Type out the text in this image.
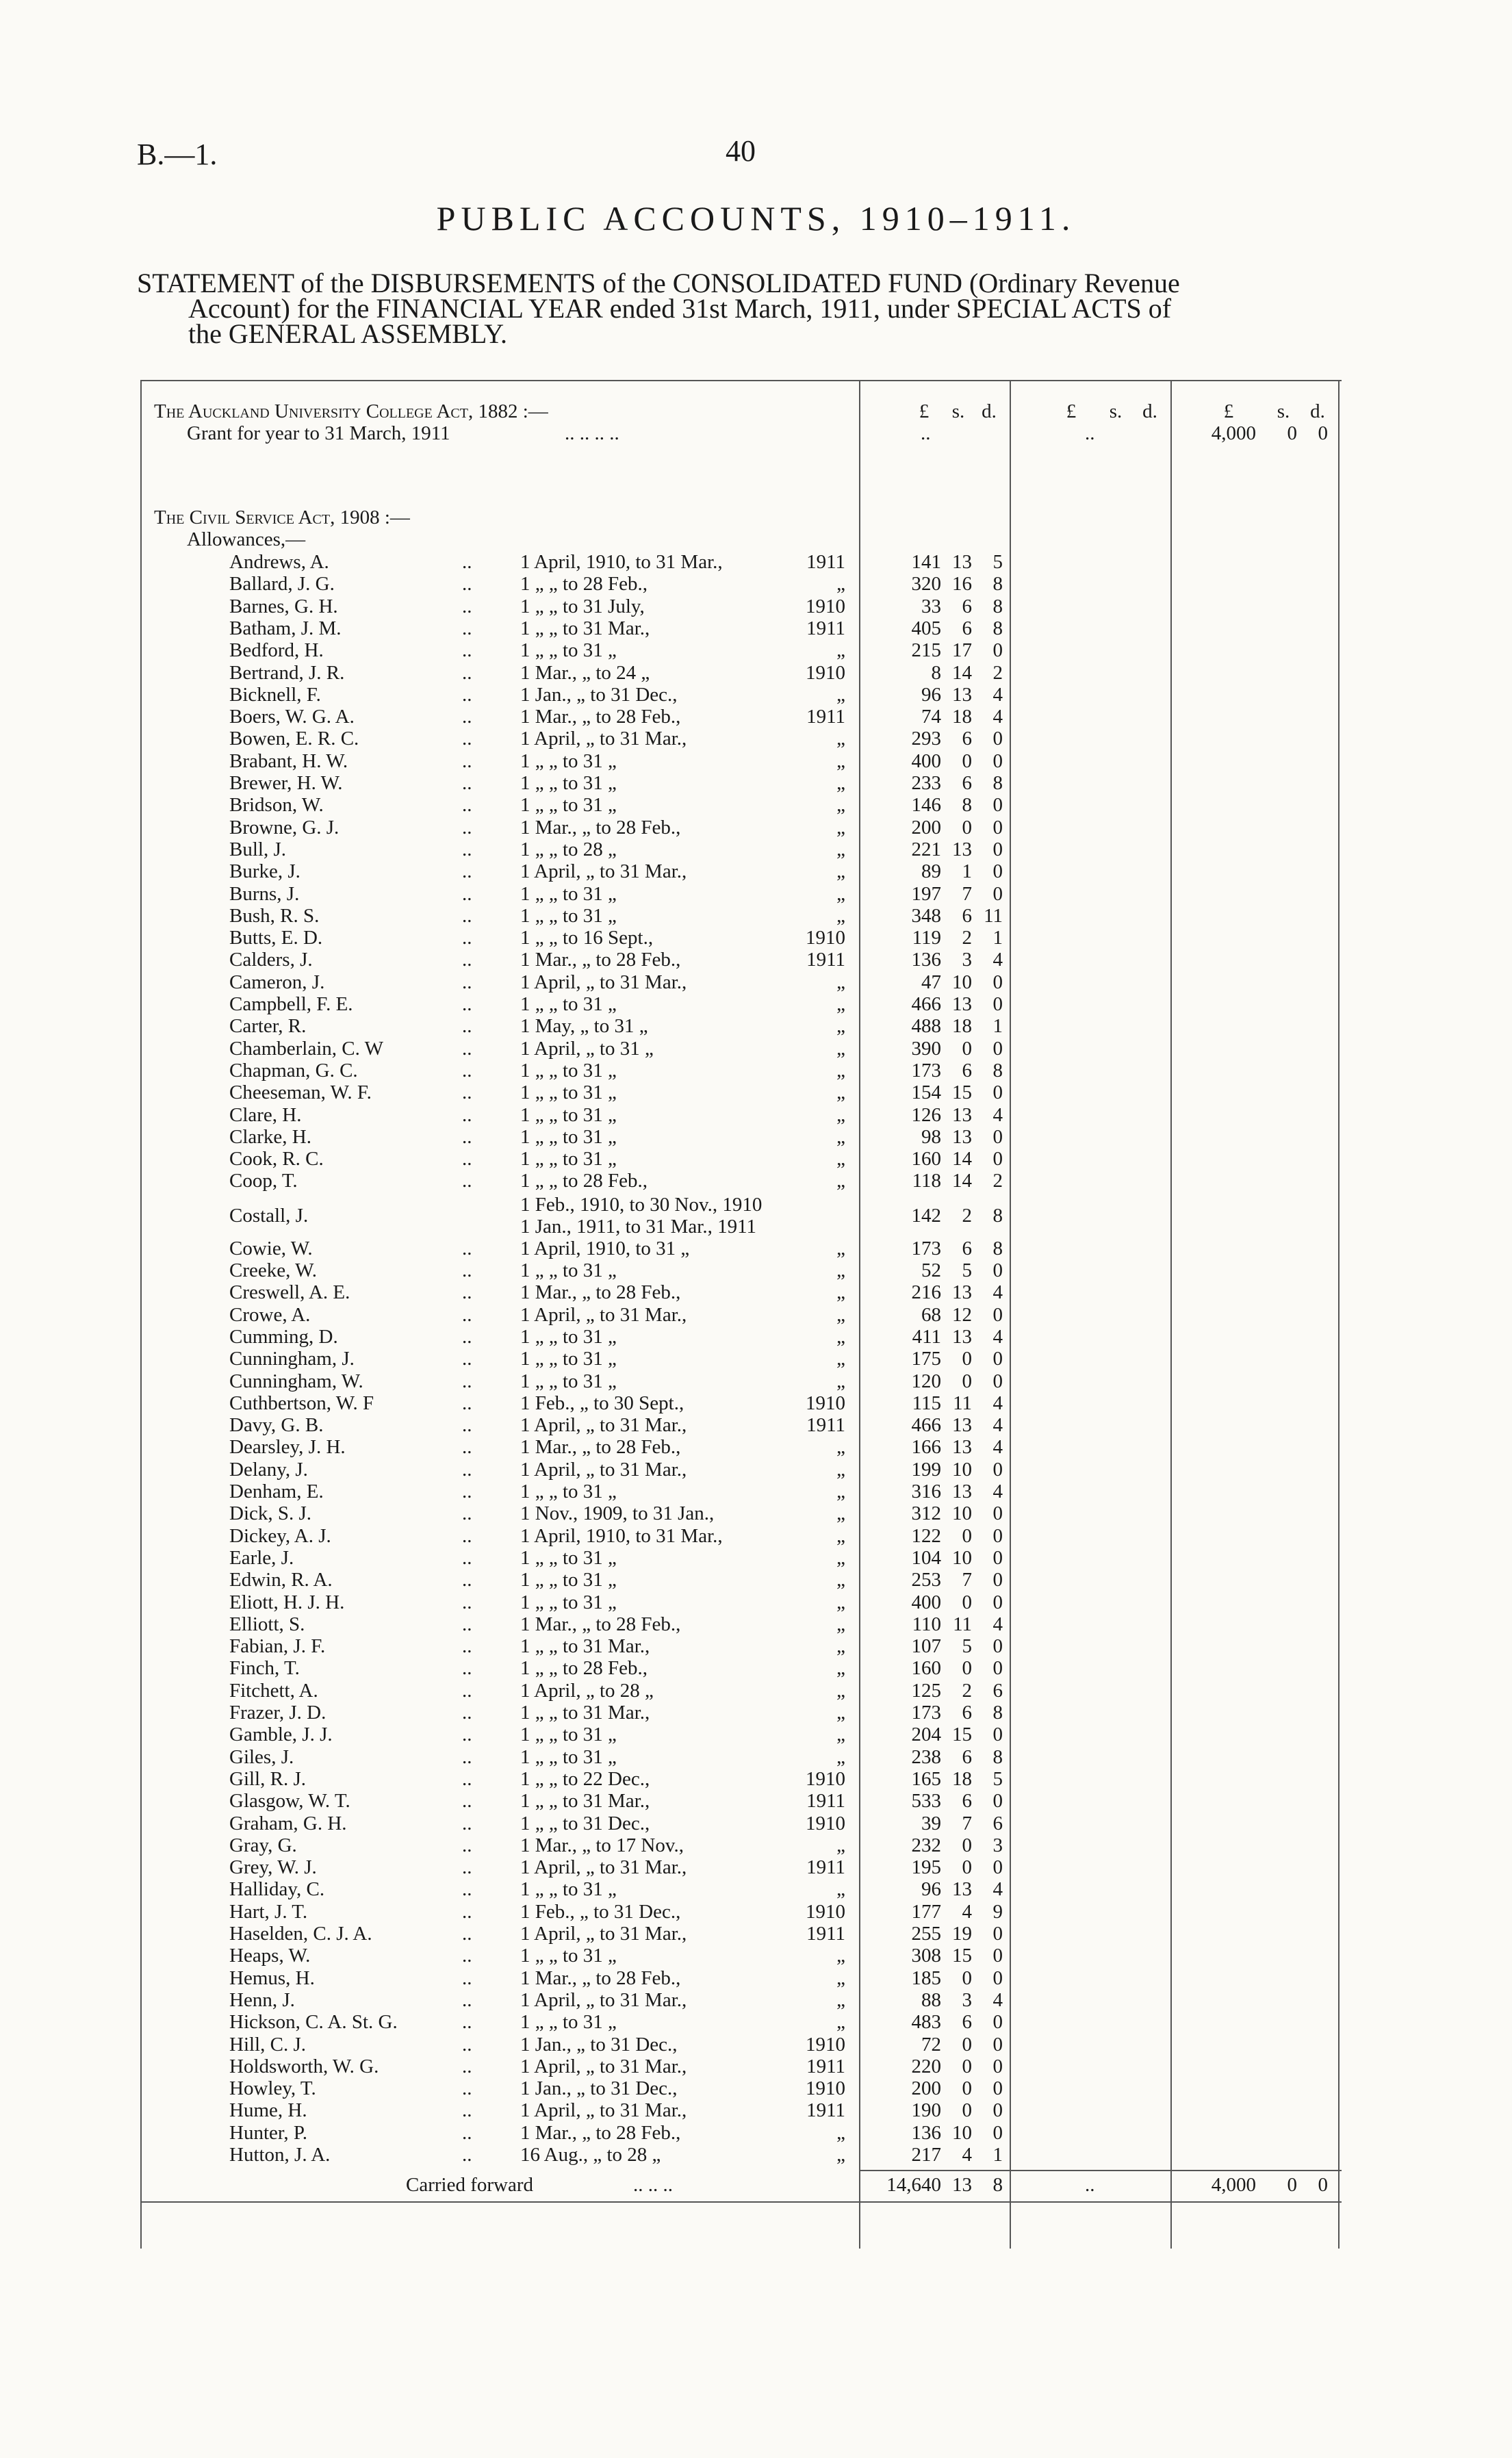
B.—1.	40
PUBLIC ACCOUNTS, 1910–1911.
STATEMENT of the DISBURSEMENTS of the CONSOLIDATED FUND (Ordinary Revenue
Account) for the FINANCIAL YEAR ended 31st March, 1911, under SPECIAL ACTS of
the GENERAL ASSEMBLY.
£	s. d.	£	s.	d.	£	s.	d.
The Auckland University College Act, 1882 :—
Grant for year to 31 March, 1911	.. .. .. ..	..	..	4,000	0	0
The Civil Service Act, 1908 :—
Allowances,—
Andrews, A.	.. 1 April, 1910, to 31 Mar.,	1911	141 13	5
Ballard, J. G.	.. 1 „ „ to 28 Feb.,	„	320 16	8
Barnes, G. H.	.. 1 „ „ to 31 July,	1910	33	6	8
Batham, J. M.	.. 1 „ „ to 31 Mar.,	1911	405	6	8
Bedford, H.	.. 1 „ „ to 31 „	„	215 17	0
Bertrand, J. R.	.. 1 Mar., „ to 24 „	1910	8 14	2
Bicknell, F.	.. 1 Jan., „ to 31 Dec.,	„	96 13	4
Boers, W. G. A.	.. 1 Mar., „ to 28 Feb.,	1911	74 18	4
Bowen, E. R. C.	.. 1 April, „ to 31 Mar.,	„	293	6	0
Brabant, H. W.	.. 1 „ „ to 31 „	„	400	0	0
Brewer, H. W.	.. 1 „ „ to 31 „	„	233	6	8
Bridson, W.	.. 1 „ „ to 31 „	„	146	8	0
Browne, G. J.	.. 1 Mar., „ to 28 Feb.,	„	200	0	0
Bull, J.	.. 1 „ „ to 28 „	„	221 13	0
Burke, J.	.. 1 April, „ to 31 Mar.,	„	89	1	0
Burns, J.	.. 1 „ „ to 31 „	„	197	7	0
Bush, R. S.	.. 1 „ „ to 31 „	„	348	6 11
Butts, E. D.	.. 1 „ „ to 16 Sept.,	1910	119	2	1
Calders, J.	.. 1 Mar., „ to 28 Feb.,	1911	136	3	4
Cameron, J.	.. 1 April, „ to 31 Mar.,	„	47 10	0
Campbell, F. E.	.. 1 „ „ to 31 „	„	466 13	0
Carter, R.	.. 1 May, „ to 31 „	„	488 18	1
Chamberlain, C. W	.. 1 April, „ to 31 „	„	390	0	0
Chapman, G. C.	.. 1 „ „ to 31 „	„	173	6	8
Cheeseman, W. F.	.. 1 „ „ to 31 „	„	154 15	0
Clare, H.	.. 1 „ „ to 31 „	„	126 13	4
Clarke, H.	.. 1 „ „ to 31 „	„	98 13	0
Cook, R. C.	.. 1 „ „ to 31 „	„	160 14	0
Coop, T.	.. 1 „ „ to 28 Feb.,	„	118 14	2
Costall, J.	1 Feb., 1910, to 30 Nov., 1910
1 Jan., 1911, to 31 Mar., 1911	142	2	8
Cowie, W.	.. 1 April, 1910, to 31 „	„	173	6	8
Creeke, W.	.. 1 „ „ to 31 „	„	52	5	0
Creswell, A. E.	.. 1 Mar., „ to 28 Feb.,	„	216 13	4
Crowe, A.	.. 1 April, „ to 31 Mar.,	„	68 12	0
Cumming, D.	.. 1 „ „ to 31 „	„	411 13	4
Cunningham, J.	.. 1 „ „ to 31 „	„	175	0	0
Cunningham, W.	.. 1 „ „ to 31 „	„	120	0	0
Cuthbertson, W. F	.. 1 Feb., „ to 30 Sept.,	1910	115 11	4
Davy, G. B.	.. 1 April, „ to 31 Mar.,	1911	466 13	4
Dearsley, J. H.	.. 1 Mar., „ to 28 Feb.,	„	166 13	4
Delany, J.	.. 1 April, „ to 31 Mar.,	„	199 10	0
Denham, E.	.. 1 „ „ to 31 „	„	316 13	4
Dick, S. J.	.. 1 Nov., 1909, to 31 Jan.,	„	312 10	0
Dickey, A. J.	.. 1 April, 1910, to 31 Mar.,	„	122	0	0
Earle, J.	.. 1 „ „ to 31 „	„	104 10	0
Edwin, R. A.	.. 1 „ „ to 31 „	„	253	7	0
Eliott, H. J. H.	.. 1 „ „ to 31 „	„	400	0	0
Elliott, S.	.. 1 Mar., „ to 28 Feb.,	„	110 11	4
Fabian, J. F.	.. 1 „ „ to 31 Mar.,	„	107	5	0
Finch, T.	.. 1 „ „ to 28 Feb.,	„	160	0	0
Fitchett, A.	.. 1 April, „ to 28 „	„	125	2	6
Frazer, J. D.	.. 1 „ „ to 31 Mar.,	„	173	6	8
Gamble, J. J.	.. 1 „ „ to 31 „	„	204 15	0
Giles, J.	.. 1 „ „ to 31 „	„	238	6	8
Gill, R. J.	.. 1 „ „ to 22 Dec.,	1910	165 18	5
Glasgow, W. T.	.. 1 „ „ to 31 Mar.,	1911	533	6	0
Graham, G. H.	.. 1 „ „ to 31 Dec.,	1910	39	7	6
Gray, G.	.. 1 Mar., „ to 17 Nov.,	„	232	0	3
Grey, W. J.	.. 1 April, „ to 31 Mar.,	1911	195	0	0
Halliday, C.	.. 1 „ „ to 31 „	„	96 13	4
Hart, J. T.	.. 1 Feb., „ to 31 Dec.,	1910	177	4	9
Haselden, C. J. A.	.. 1 April, „ to 31 Mar.,	1911	255 19	0
Heaps, W.	.. 1 „ „ to 31 „	„	308 15	0
Hemus, H.	.. 1 Mar., „ to 28 Feb.,	„	185	0	0
Henn, J.	.. 1 April, „ to 31 Mar.,	„	88	3	4
Hickson, C. A. St. G.	.. 1 „ „ to 31 „	„	483	6	0
Hill, C. J.	.. 1 Jan., „ to 31 Dec.,	1910	72	0	0
Holdsworth, W. G.	.. 1 April, „ to 31 Mar.,	1911	220	0	0
Howley, T.	.. 1 Jan., „ to 31 Dec.,	1910	200	0	0
Hume, H.	.. 1 April, „ to 31 Mar.,	1911	190	0	0
Hunter, P.	.. 1 Mar., „ to 28 Feb.,	„	136 10	0
Hutton, J. A.	.. 16 Aug., „ to 28 „	„	217	4	1
Carried forward	.. .. ..	14,640 13	8	..	4,000	0	0
